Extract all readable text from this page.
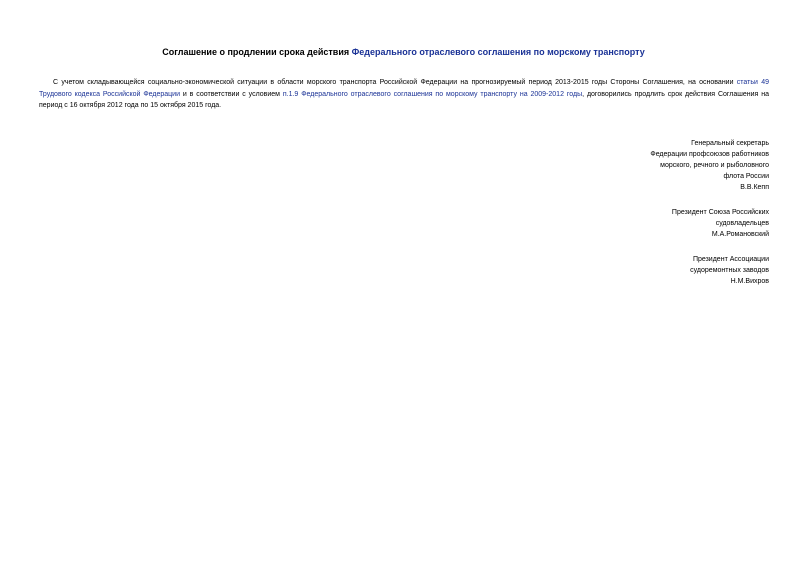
Соглашение о продлении срока действия Федерального отраслевого соглашения по морскому транспорту
С учетом складывающейся социально-экономической ситуации в области морского транспорта Российской Федерации на прогнозируемый период 2013-2015 годы Стороны Соглашения, на основании статьи 49 Трудового кодекса Российской Федерации и в соответствии с условием п.1.9 Федерального отраслевого соглашения по морскому транспорту на 2009-2012 годы, договорились продлить срок действия Соглашения на период с 16 октября 2012 года по 15 октября 2015 года.
Генеральный секретарь
Федерации профсоюзов работников
морского, речного и рыболовного
флота России
В.В.Кепп
Президент Союза Российских
судовладельцев
М.А.Романовский
Президент Ассоциации
судоремонтных заводов
Н.М.Вихров
